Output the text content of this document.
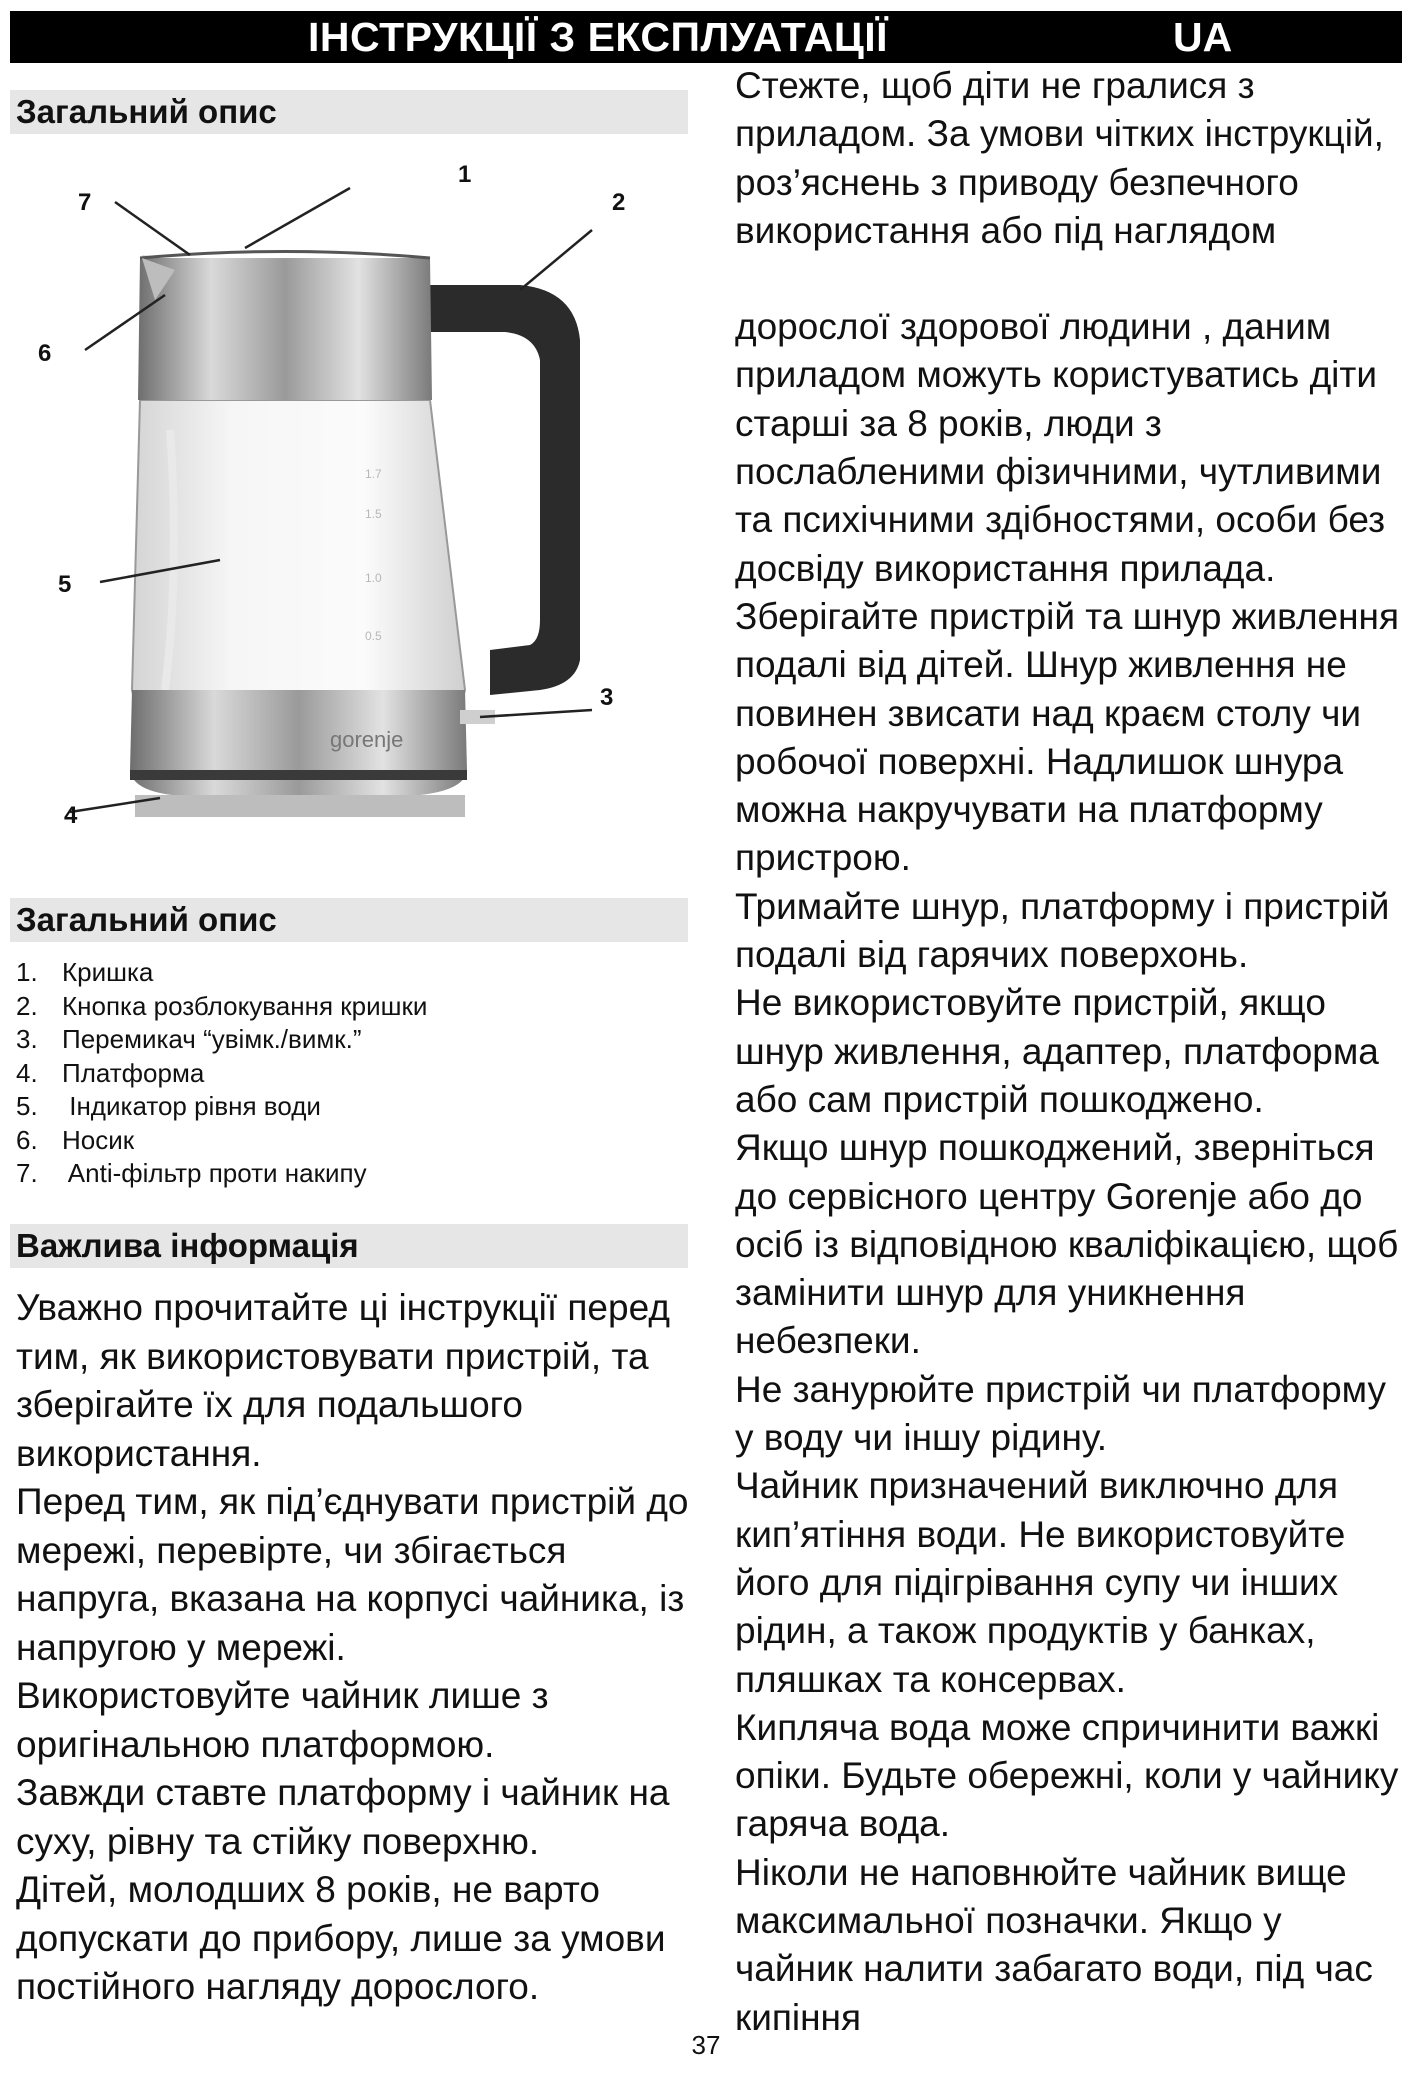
ІНСТРУКЦІЇ З ЕКСПЛУАТАЦІЇ	UA
Загальний опис
1.7
1.5
1.0
0.5
gorenje
1
2
3
4
5
6
7
Загальний опис
1. Кришка
2. Кнопка розблокування кришки
3. Перемикач “увімк./вимк.”
4. Платформа
5. Індикатор рівня води
6. Носик
7. Anti-фільтр проти накипу
Важлива інформація

Уважно прочитайте ці інструкції перед тим, як використовувати пристрій, та зберігайте їх для подальшого використання.

Перед тим, як під’єднувати пристрій до мережі, перевірте, чи збігається напруга, вказана на корпусі чайника, із напругою у мережі.

Використовуйте чайник лише з оригінальною платформою.

Завжди ставте платформу і чайник на суху, рівну та стійку поверхню.

Дітей, молодших 8 років, не варто допускати до прибору, лише за умови постійного нагляду дорослого.

Стежте, щоб діти не гралися з приладом. За умови чітких інструкцій, роз’яснень з приводу безпечного використання або під наглядом

дорослої здорової людини , даним приладом можуть користуватись діти старші за 8 років, люди з послабленими фізичними, чутливими та психічними здібностями, особи без досвіду використання прилада.

Зберігайте пристрій та шнур живлення подалі від дітей. Шнур живлення не повинен звисати над краєм столу чи робочої поверхні. Надлишок шнура можна накручувати на платформу пристрою.

Тримайте шнур, платформу і пристрій подалі від гарячих поверхонь.

Не використовуйте пристрій, якщо шнур живлення, адаптер, платформа або сам пристрій пошкоджено.

Якщо шнур пошкоджений, зверніться до сервісного центру Gorenje або до осіб із відповідною кваліфікацією, щоб замінити шнур для уникнення небезпеки.

Не занурюйте пристрій чи платформу у воду чи іншу рідину.

Чайник призначений виключно для кип’ятіння води. Не використовуйте його для підігрівання супу чи інших рідин, а також продуктів у банках, пляшках та консервах.

Кипляча вода може спричинити важкі опіки. Будьте обережні, коли у чайнику гаряча вода.

Ніколи не наповнюйте чайник вище максимальної позначки. Якщо у чайник налити забагато води, під час кипіння

37
